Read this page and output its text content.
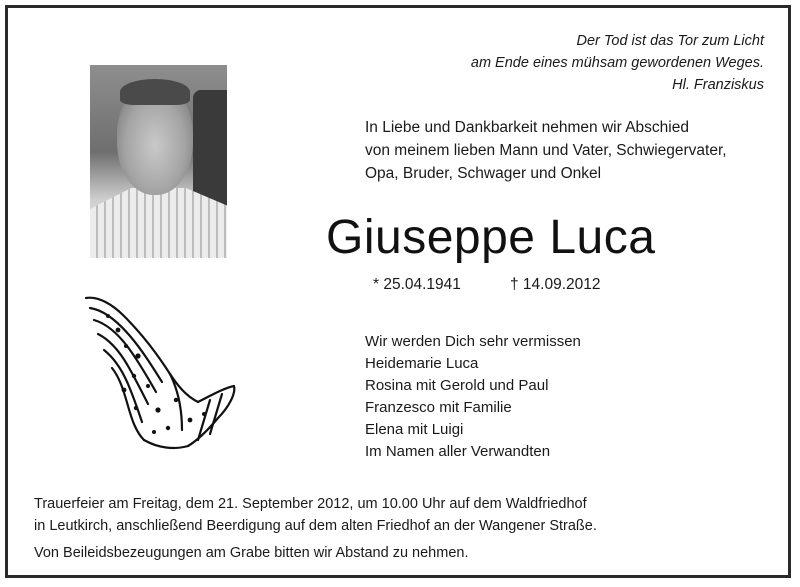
Der Tod ist das Tor zum Licht
am Ende eines mühsam gewordenen Weges.
Hl. Franziskus
In Liebe und Dankbarkeit nehmen wir Abschied
von meinem lieben Mann und Vater, Schwiegervater,
Opa, Bruder, Schwager und Onkel
Giuseppe Luca
* 25.04.1941	† 14.09.2012
Wir werden Dich sehr vermissen
Heidemarie Luca
Rosina mit Gerold und Paul
Franzesco mit Familie
Elena mit Luigi
Im Namen aller Verwandten
Trauerfeier am Freitag, dem 21. September 2012, um 10.00 Uhr auf dem Waldfriedhof
in Leutkirch, anschließend Beerdigung auf dem alten Friedhof an der Wangener Straße.
Von Beileidsbezeugungen am Grabe bitten wir Abstand zu nehmen.
